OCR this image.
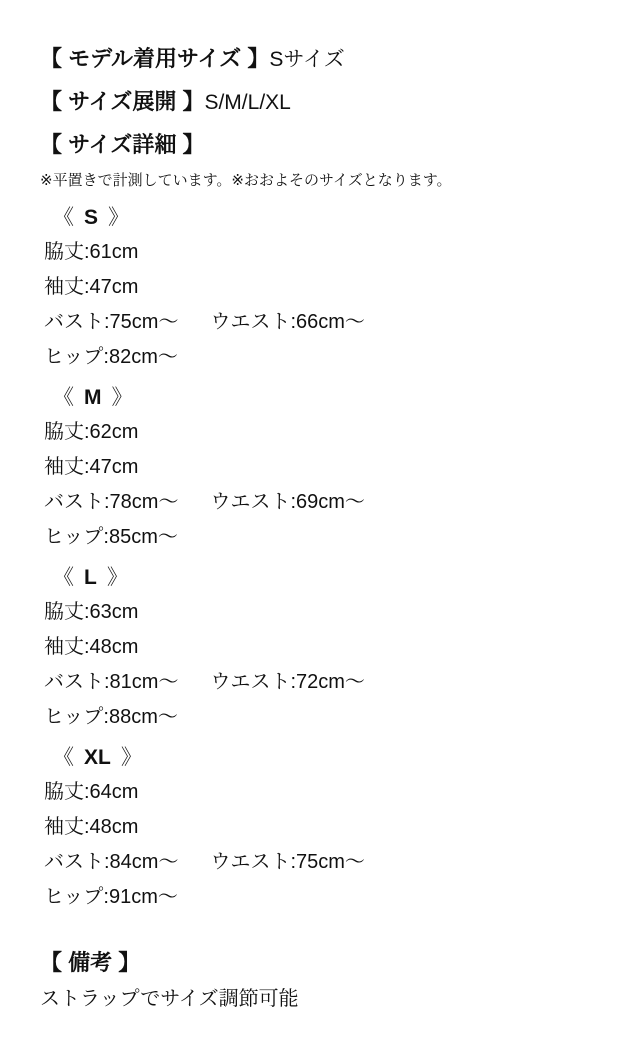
【 モデル着用サイズ 】Sサイズ
【 サイズ展開 】S/M/L/XL
【 サイズ詳細 】
※平置きで計測しています。※おおよそのサイズとなります。
《 S 》
脇丈:61cm
袖丈:47cm
バスト:75cm〜 ウエスト:66cm〜
ヒップ:82cm〜
《 M 》
脇丈:62cm
袖丈:47cm
バスト:78cm〜 ウエスト:69cm〜
ヒップ:85cm〜
《 L 》
脇丈:63cm
袖丈:48cm
バスト:81cm〜 ウエスト:72cm〜
ヒップ:88cm〜
《 XL 》
脇丈:64cm
袖丈:48cm
バスト:84cm〜 ウエスト:75cm〜
ヒップ:91cm〜
【 備考 】
ストラップでサイズ調節可能
